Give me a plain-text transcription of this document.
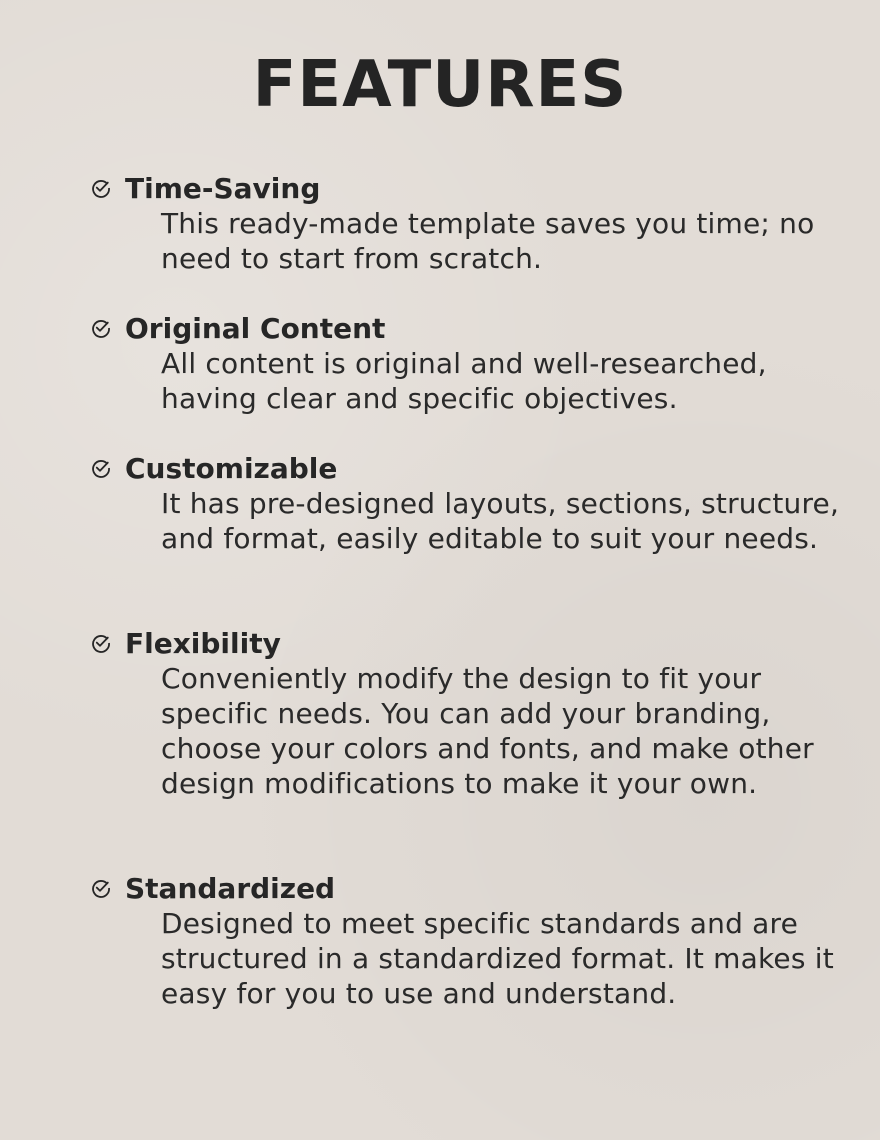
FEATURES
Time-Saving

This ready-made template saves you time; no need to start from scratch.

Original Content

All content is original and well-researched, having clear and specific objectives.

Customizable

It has pre-designed layouts, sections, structure, and format, easily editable to suit your needs.

Flexibility

Conveniently modify the design to fit your specific needs. You can add your branding, choose your colors and fonts, and make other design modifications to make it your own.

Standardized

Designed to meet specific standards and are structured in a standardized format. It makes it easy for you to use and understand.
